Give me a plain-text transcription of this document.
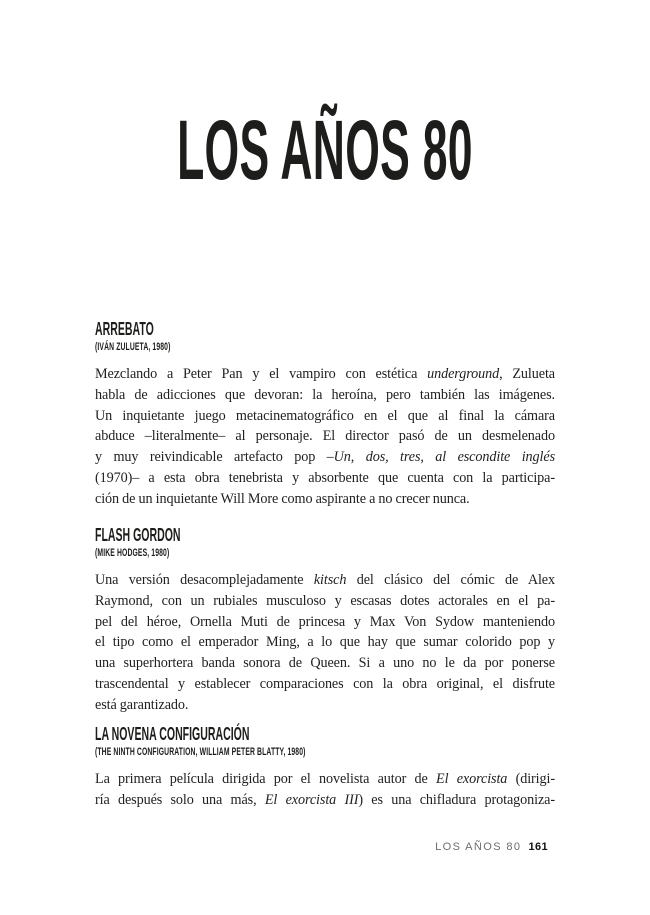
LOS AÑOS 80
ARREBATO
(IVÁN ZULUETA, 1980)
Mezclando a Peter Pan y el vampiro con estética underground, Zulueta
habla de adicciones que devoran: la heroína, pero también las imágenes.
Un inquietante juego metacinematográfico en el que al final la cámara
abduce –literalmente– al personaje. El director pasó de un desmelenado
y muy reivindicable artefacto pop –Un, dos, tres, al escondite inglés
(1970)– a esta obra tenebrista y absorbente que cuenta con la participa-
ción de un inquietante Will More como aspirante a no crecer nunca.
FLASH GORDON
(MIKE HODGES, 1980)
Una versión desacomplejadamente kitsch del clásico del cómic de Alex
Raymond, con un rubiales musculoso y escasas dotes actorales en el pa-
pel del héroe, Ornella Muti de princesa y Max Von Sydow manteniendo
el tipo como el emperador Ming, a lo que hay que sumar colorido pop y
una superhortera banda sonora de Queen. Si a uno no le da por ponerse
trascendental y establecer comparaciones con la obra original, el disfrute
está garantizado.
LA NOVENA CONFIGURACIÓN
(THE NINTH CONFIGURATION, WILLIAM PETER BLATTY, 1980)
La primera película dirigida por el novelista autor de El exorcista (dirigi-
ría después solo una más, El exorcista III) es una chifladura protagoniza-
LOS AÑOS 80 161
